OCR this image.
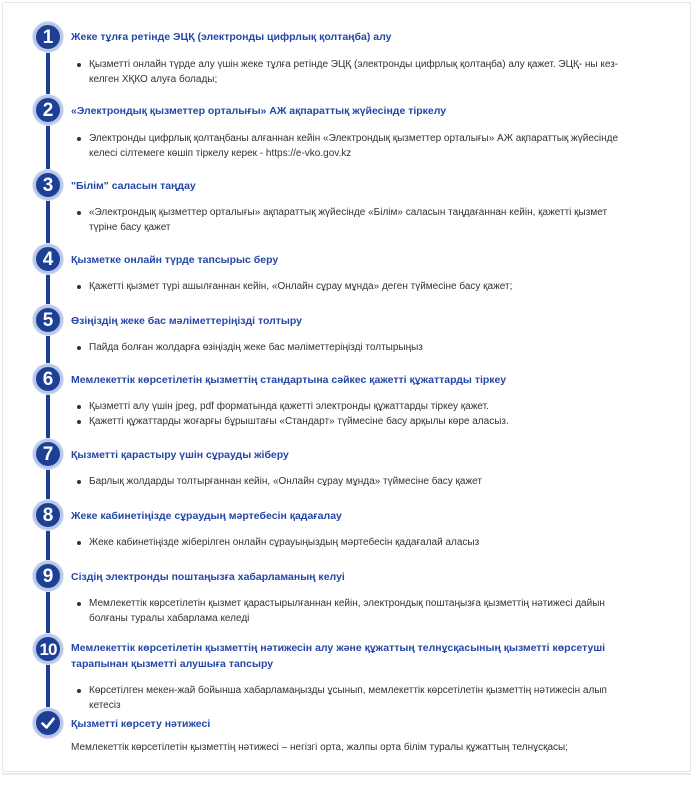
1	Жеке тұлға ретінде ЭЦҚ (электронды цифрлық қолтаңба) алу
Қызметті онлайн түрде алу үшін жеке тұлға ретінде ЭЦҚ (электронды цифрлық қолтаңба) алу қажет. ЭЦҚ- ны кез-келген ХҚКО алуға болады;
2	«Электрондық қызметтер орталығы» АЖ ақпараттық жүйесінде тіркелу
Электронды цифрлық қолтаңбаны алғаннан кейін «Электрондық қызметтер орталығы» АЖ ақпараттық жүйесінде келесі сілтемеге көшіп тіркелу керек - https://e-vko.gov.kz
3	"Білім" саласын таңдау
«Электрондық қызметтер орталығы» ақпараттық жүйесінде «Білім» саласын таңдағаннан кейін, қажетті қызмет түріне басу қажет
4	Қызметке онлайн түрде тапсырыс беру
Қажетті қызмет түрі ашылғаннан кейін, «Онлайн сұрау мұнда» деген түймесіне басу қажет;
5	Өзіңіздің жеке бас мәліметтеріңізді толтыру
Пайда болған жолдарға өзіңіздің жеке бас мәліметтеріңізді толтырыңыз
6	Мемлекеттік көрсетілетін қызметтің стандартына сәйкес қажетті құжаттарды тіркеу
Қызметті алу үшін jpeg, pdf форматында қажетті электронды құжаттарды тіркеу қажет.
Қажетті құжаттарды жоғарғы бұрыштағы «Стандарт» түймесіне басу арқылы көре аласыз.
7	Қызметті қарастыру үшін сұрауды жіберу
Барлық жолдарды толтырғаннан кейін, «Онлайн сұрау мұнда» түймесіне басу қажет
8	Жеке кабинетіңізде сұраудың мәртебесін қадағалау
Жеке кабинетіңізде жіберілген онлайн сұрауыңыздың мәртебесін қадағалай аласыз
9	Сіздің электронды поштаңызға хабарламаның келуі
Мемлекеттік көрсетілетін қызмет қарастырылғаннан кейін, электрондық поштаңызға қызметтің нәтижесі дайын болғаны туралы хабарлама келеді
10	Мемлекеттік көрсетілетін қызметтің нәтижесін алу және құжаттың телнұсқасының қызметті көрсетуші тарапынан қызметті алушыға тапсыру
Көрсетілген мекен-жай бойынша хабарламаңызды ұсынып, мемлекеттік көрсетілетін қызметтің нәтижесін алып кетесіз
Қызметті көрсету нәтижесі
Мемлекеттік көрсетілетін қызметтің нәтижесі – негізгі орта, жалпы орта білім туралы құжаттың телнұсқасы;
